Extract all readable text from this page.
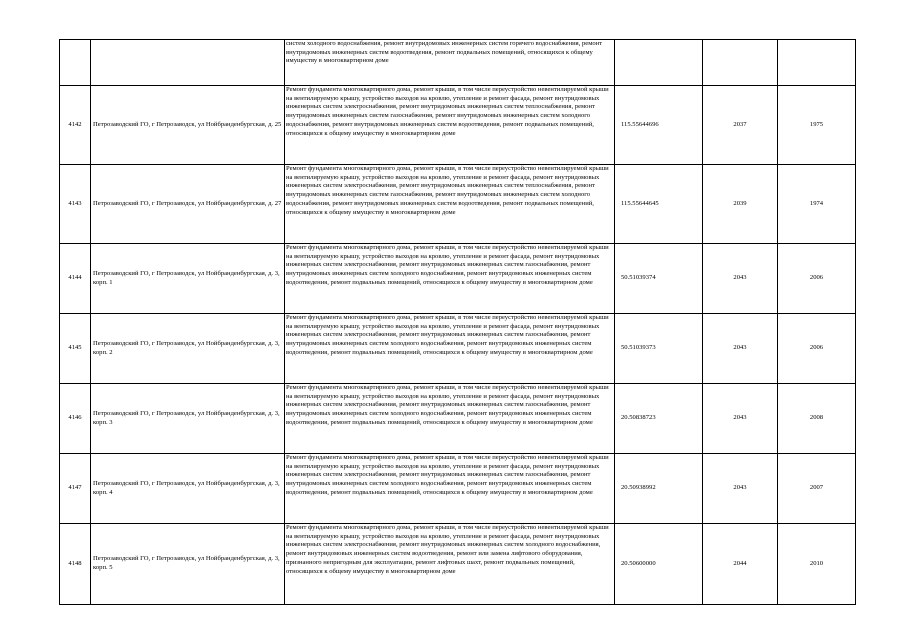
		систем холодного водоснабжения, ремонт внутридомовых инженерных систем горячего водоснабжения, ремонт внутридомовых инженерных систем водоотведения, ремонт подвальных помещений, относящихся к общему имуществу в многоквартирном доме			
4142	Петрозаводский ГО, г Петрозаводск, ул Нойбранденбургская, д. 25	Ремонт фундамента многоквартирного дома, ремонт крыши, в том числе переустройство невентилируемой крыши на вентилируемую крышу, устройство выходов на кровлю, утепление и ремонт фасада, ремонт внутридомовых инженерных систем электроснабжения, ремонт внутридомовых инженерных систем теплоснабжения, ремонт внутридомовых инженерных систем газоснабжения, ремонт внутридомовых инженерных систем холодного водоснабжения, ремонт внутридомовых инженерных систем водоотведения, ремонт подвальных помещений, относящихся к общему имуществу в многоквартирном доме	115.55644696	2037	1975
4143	Петрозаводский ГО, г Петрозаводск, ул Нойбранденбургская, д. 27	Ремонт фундамента многоквартирного дома, ремонт крыши, в том числе переустройство невентилируемой крыши на вентилируемую крышу, устройство выходов на кровлю, утепление и ремонт фасада, ремонт внутридомовых инженерных систем электроснабжения, ремонт внутридомовых инженерных систем теплоснабжения, ремонт внутридомовых инженерных систем газоснабжения, ремонт внутридомовых инженерных систем холодного водоснабжения, ремонт внутридомовых инженерных систем водоотведения, ремонт подвальных помещений, относящихся к общему имуществу в многоквартирном доме	115.55644645	2039	1974
4144	Петрозаводский ГО, г Петрозаводск, ул Нойбранденбургская, д. 3, корп. 1	Ремонт фундамента многоквартирного дома, ремонт крыши, в том числе переустройство невентилируемой крыши на вентилируемую крышу, устройство выходов на кровлю, утепление и ремонт фасада, ремонт внутридомовых инженерных систем электроснабжения, ремонт внутридомовых инженерных систем газоснабжения, ремонт внутридомовых инженерных систем холодного водоснабжения, ремонт внутридомовых инженерных систем водоотведения, ремонт подвальных помещений, относящихся к общему имуществу в многоквартирном доме	50.51039374	2043	2006
4145	Петрозаводский ГО, г Петрозаводск, ул Нойбранденбургская, д. 3, корп. 2	Ремонт фундамента многоквартирного дома, ремонт крыши, в том числе переустройство невентилируемой крыши на вентилируемую крышу, устройство выходов на кровлю, утепление и ремонт фасада, ремонт внутридомовых инженерных систем электроснабжения, ремонт внутридомовых инженерных систем газоснабжения, ремонт внутридомовых инженерных систем холодного водоснабжения, ремонт внутридомовых инженерных систем водоотведения, ремонт подвальных помещений, относящихся к общему имуществу в многоквартирном доме	50.51039373	2043	2006
4146	Петрозаводский ГО, г Петрозаводск, ул Нойбранденбургская, д. 3, корп. 3	Ремонт фундамента многоквартирного дома, ремонт крыши, в том числе переустройство невентилируемой крыши на вентилируемую крышу, устройство выходов на кровлю, утепление и ремонт фасада, ремонт внутридомовых инженерных систем электроснабжения, ремонт внутридомовых инженерных систем газоснабжения, ремонт внутридомовых инженерных систем холодного водоснабжения, ремонт внутридомовых инженерных систем водоотведения, ремонт подвальных помещений, относящихся к общему имуществу в многоквартирном доме	20.50838723	2043	2008
4147	Петрозаводский ГО, г Петрозаводск, ул Нойбранденбургская, д. 3, корп. 4	Ремонт фундамента многоквартирного дома, ремонт крыши, в том числе переустройство невентилируемой крыши на вентилируемую крышу, устройство выходов на кровлю, утепление и ремонт фасада, ремонт внутридомовых инженерных систем электроснабжения, ремонт внутридомовых инженерных систем газоснабжения, ремонт внутридомовых инженерных систем холодного водоснабжения, ремонт внутридомовых инженерных систем водоотведения, ремонт подвальных помещений, относящихся к общему имуществу в многоквартирном доме	20.50938992	2043	2007
4148	Петрозаводский ГО, г Петрозаводск, ул Нойбранденбургская, д. 3, корп. 5	Ремонт фундамента многоквартирного дома, ремонт крыши, в том числе переустройство невентилируемой крыши на вентилируемую крышу, устройство выходов на кровлю, утепление и ремонт фасада, ремонт внутридомовых инженерных систем электроснабжения, ремонт внутридомовых инженерных систем холодного водоснабжения, ремонт внутридомовых инженерных систем водоотведения, ремонт или замена лифтового оборудования, признанного непригодным для эксплуатации, ремонт лифтовых шахт, ремонт подвальных помещений, относящихся к общему имуществу в многоквартирном доме	20.50600000	2044	2010
